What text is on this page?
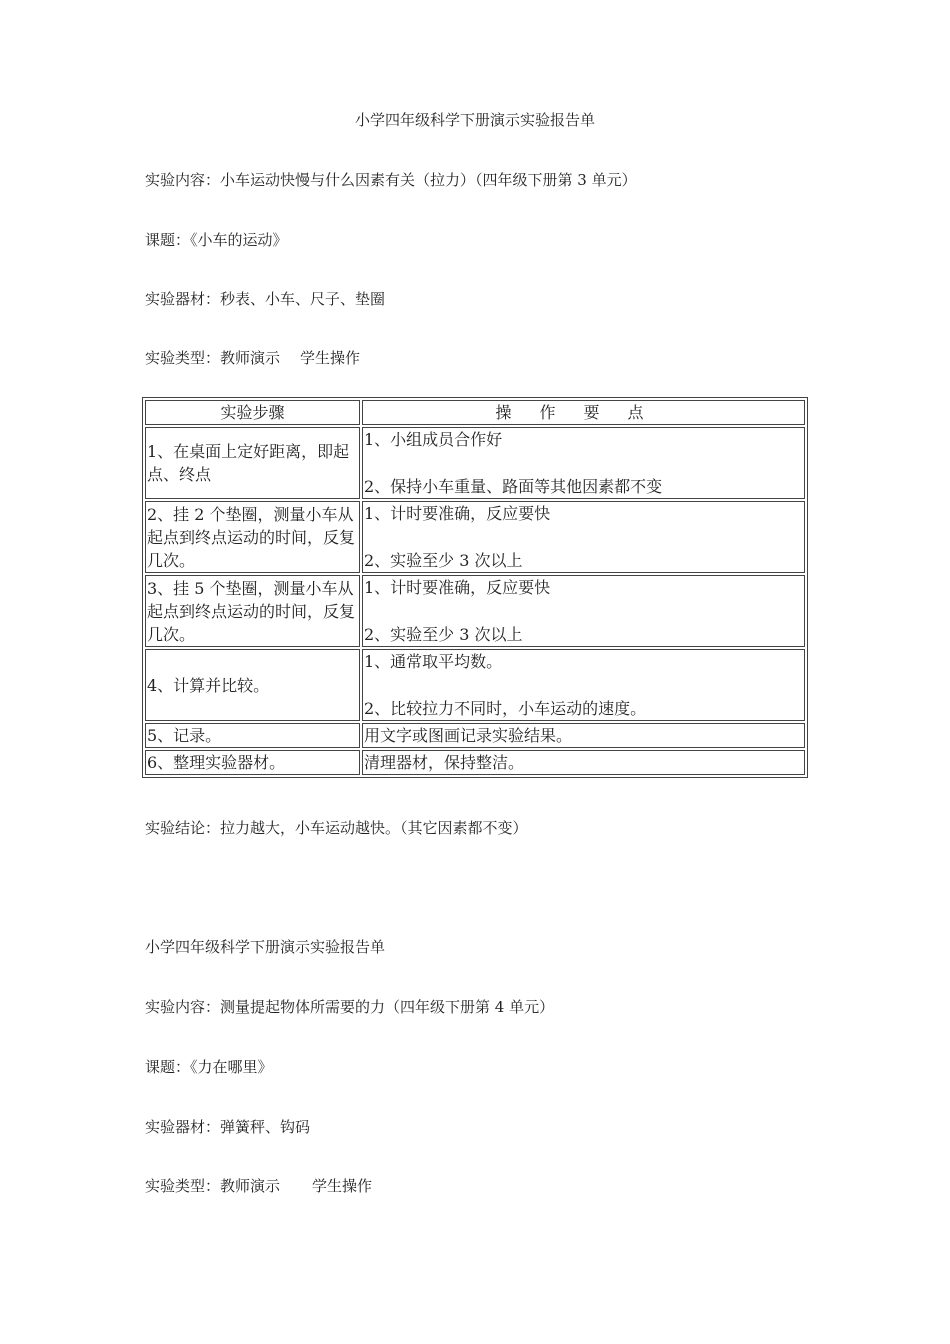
小学四年级科学下册演示实验报告单
实验内容：小车运动快慢与什么因素有关（拉力）（四年级下册第 3 单元）
课题：《小车的运动》
实验器材：秒表、小车、尺子、垫圈
实验类型：教师演示 学生操作
实验步骤	操作要点
1、在桌面上定好距离，即起点、终点	1、小组成员合作好
2、保持小车重量、路面等其他因素都不变

2、挂 2 个垫圈，测量小车从起点到终点运动的时间，反复几次。	1、计时要准确，反应要快
2、实验至少 3 次以上

3、挂 5 个垫圈，测量小车从起点到终点运动的时间，反复几次。	1、计时要准确，反应要快
2、实验至少 3 次以上

4、计算并比较。	1、通常取平均数。
2、比较拉力不同时，小车运动的速度。

5、记录。	用文字或图画记录实验结果。
6、整理实验器材。	清理器材，保持整洁。
实验结论：拉力越大，小车运动越快。（其它因素都不变）
小学四年级科学下册演示实验报告单
实验内容：测量提起物体所需要的力（四年级下册第 4 单元）
课题：《力在哪里》
实验器材：弹簧秤、钩码
实验类型：教师演示 学生操作
